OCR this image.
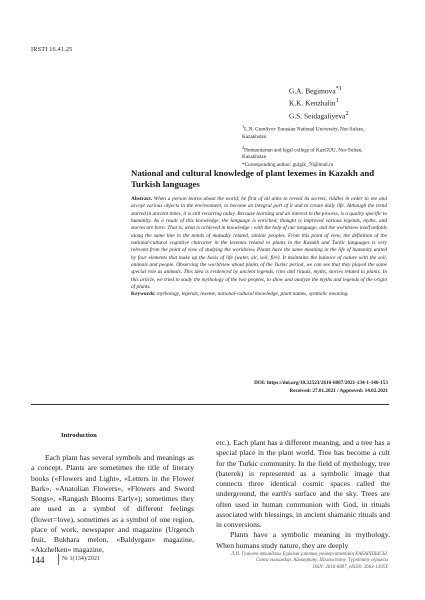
IRSTI 16.41.25
G.A. Begimova$^{*1}$
K.K. Kenzhalin$^1$
G.S. Seidagaliyeva$^2$
$^1$L.N. Gumilyov Eurasian National University, Nur-Sultan, Kazakhstan
$^2$Humanitarian and legal college of KazGUU, Nur-Sultan, Kazakhstan
*Corresponding author: gulgik_76@mail.ru
National and cultural knowledge of plant lexemes in Kazakh and Turkish languages
Abstract. When a person learns about the world, he first of all aims to reveal its secrets, riddles in order to see and accept various objects in the environment, to become an integral part of it and to create daily life. Although the trend started in ancient times, it is still recurring today. Because learning and an interest in the process, is a quality specific to humanity. As a result of this knowledge, the language is enriched, thought is improved various legends, myths, and stories are born. That is, what is achieved in knowledge - with the help of our language, and the worldview itself unfolds along the same line in the minds of mutually related, similar peoples. From this point of view, the definition of the national-cultural cognitive character in the lexemes related to plants in the Kazakh and Turkic languages is very relevant from the point of view of studying the worldview. Plants have the same meaning in the life of humanity united by four elements that make up the basis of life (water, air, soil, fire). It maintains the balance of nature with the soil, animals and people. Observing the worldview about plants of the Turkic period, we can see that they played the same special role as animals. This idea is evidenced by ancient legends, rites and rituals, myths, stories related to plants. In this article, we tried to study the mythology of the two peoples, to show and analyze the myths and legends of the origin of plants.
Keywords: mythology, legends, lexeme, national-cultural knowledge, plant names, symbolic meaning.
DOI: https://doi.org/10.32523/2616-6887/2021-134-1-146-153
Received: 27.01.2021 / Approved: 14.02.2021
Introduction

Each plant has several symbols and meanings as a concept. Plants are sometimes the title of literary books («Flowers and Light», «Letters in the Flower Bark», «Anatolian Flowers», «Flowers and Sword Songs», «Rangash Blooms Early»); sometimes they are used as a symbol of different feelings (flower=love), sometimes as a symbol of one region, place of work, newspaper and magazine (Urgench fruit, Bukhara melon, «Baldyrgan» magazine, «Akzhelken» magazine,

etc.). Each plant has a different meaning, and a tree has a special place in the plant world. Tree has become a cult for the Turkic community. In the field of mythology, tree (baterek) is represented as a symbolic image that connects three identical cosmic spaces called the underground, the earth's surface and the sky. Trees are often used in human communion with God, in rituals associated with blessings, in ancient shamanic rituals and in conversions.

Plants have a symbolic meaning in mythology. When humans study nature, they are deeply

144	№ 1(134)/2021
Л.Н. Гумилев атындағы Еуразия ұлттық университетінің ХАБАРШЫСЫ.
Саяси ғылымдар. Аймақтану. Шығыстану. Түркітану сериясы
ISSN: 2616-6887, eISSN: 2663-1305X
